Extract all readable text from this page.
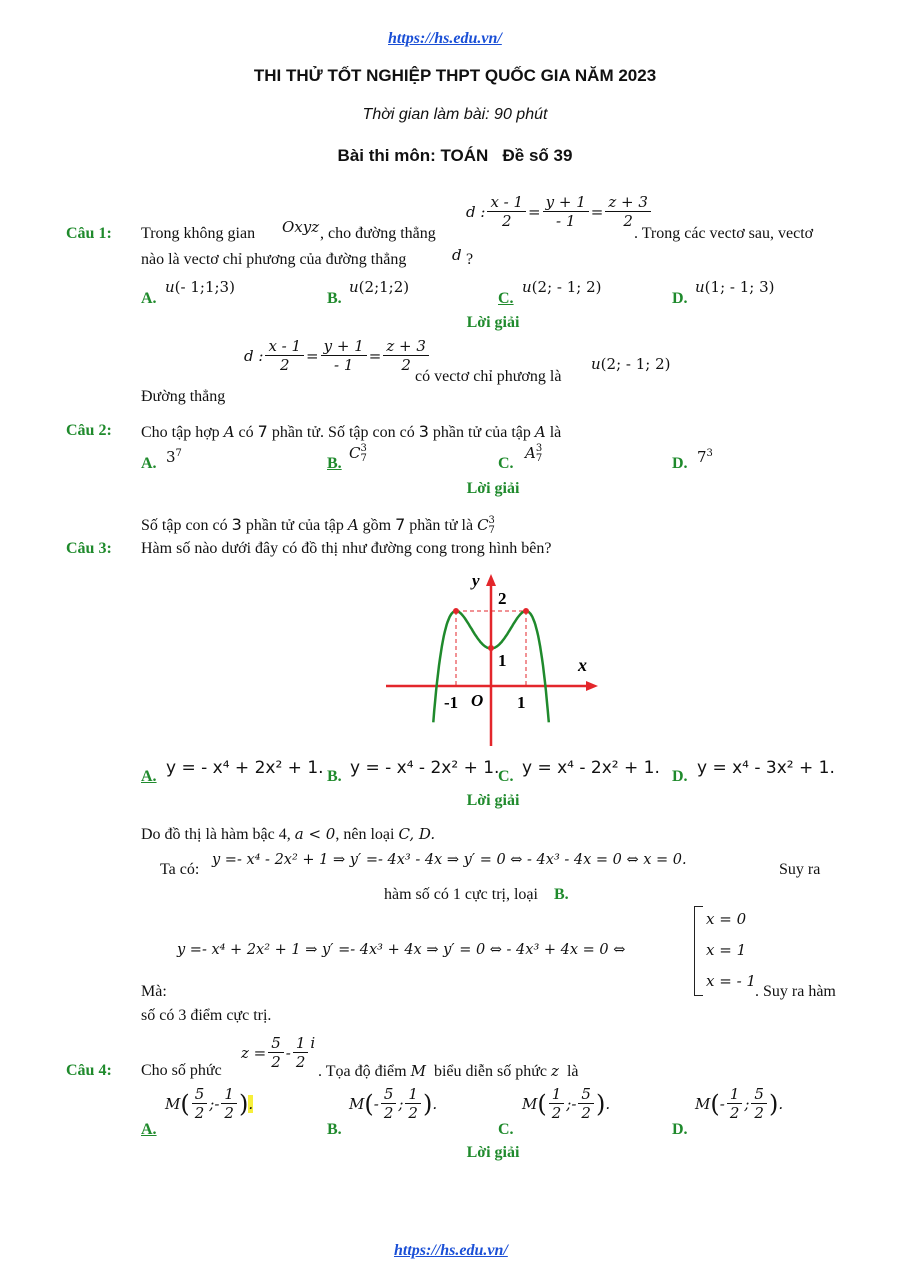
https://hs.edu.vn/
THI THỬ TỐT NGHIỆP THPT QUỐC GIA NĂM 2023
Thời gian làm bài: 90 phút
Bài thi môn: TOÁN   Đề số 39
Câu 1: Trong không gian Oxyz , cho đường thẳng
d : $\frac{x - 1}{2} = \frac{y + 1}{- 1} = \frac{z + 3}{2}$
. Trong các vectơ sau, vectơ
nào là vectơ chỉ phương của đường thẳng	d ?
A.
u(- 1;1;3)
B.
u(2;1;2)
C.
u(2; - 1; 2)
D.
u(1; - 1; 3)
Lời giải
d : $\frac{x - 1}{2} = \frac{y + 1}{- 1} = \frac{z + 3}{2}$
có vectơ chỉ phương là
u(2; - 1; 2)
Đường thẳng
Câu 2: Cho tập hợp A có 7 phần tử. Số tập con có 3 phần tử của tập A là
A. $3^7$
B.
C 3
7	C.
A 3
7	D. $7^3$
Lời giải
Số tập con có 3 phần tử của tập A gồm 7 phần tử là C 3
7
Câu 3: Hàm số nào dưới đây có đồ thị như đường cong trong hình bên?
y
2
1	x
-1 O 1
A. y = - x⁴ + 2x² + 1. B. y = - x⁴ - 2x² + 1.
C. y = x⁴ - 2x² + 1. D. y = x⁴ - 3x² + 1.
Lời giải
Do đồ thị là hàm bậc 4, a < 0, nên loại C, D.
Ta có:
y =- x⁴ - 2x² + 1 ⇒ y′ =- 4x³ - 4x ⇒ y′ = 0 ⇔ - 4x³ - 4x = 0 ⇔ x = 0.
Suy ra
hàm số có 1 cực trị, loại B.
y =- x⁴ + 2x² + 1 ⇒ y′ =- 4x³ + 4x ⇒ y′ = 0 ⇔ - 4x³ + 4x = 0 ⇔
x = 0
x = 1
x = - 1
Mà:	. Suy ra hàm
số có 3 điểm cực trị.
Câu 4: Cho số phức
$z = \frac{5}{2} - \frac{1}{2}$ i
. Tọa độ điểm M biểu diễn số phức z là
A.
M ( $\frac{5}{2}$ ; - $\frac{1}{2}$ ) .
B.
M ( - $\frac{5}{2}$ ; $\frac{1}{2}$ ) .
C.
M ( $\frac{1}{2}$ ; - $\frac{5}{2}$ ) .
D.
M ( - $\frac{1}{2}$ ; $\frac{5}{2}$ ) .
Lời giải
https://hs.edu.vn/
